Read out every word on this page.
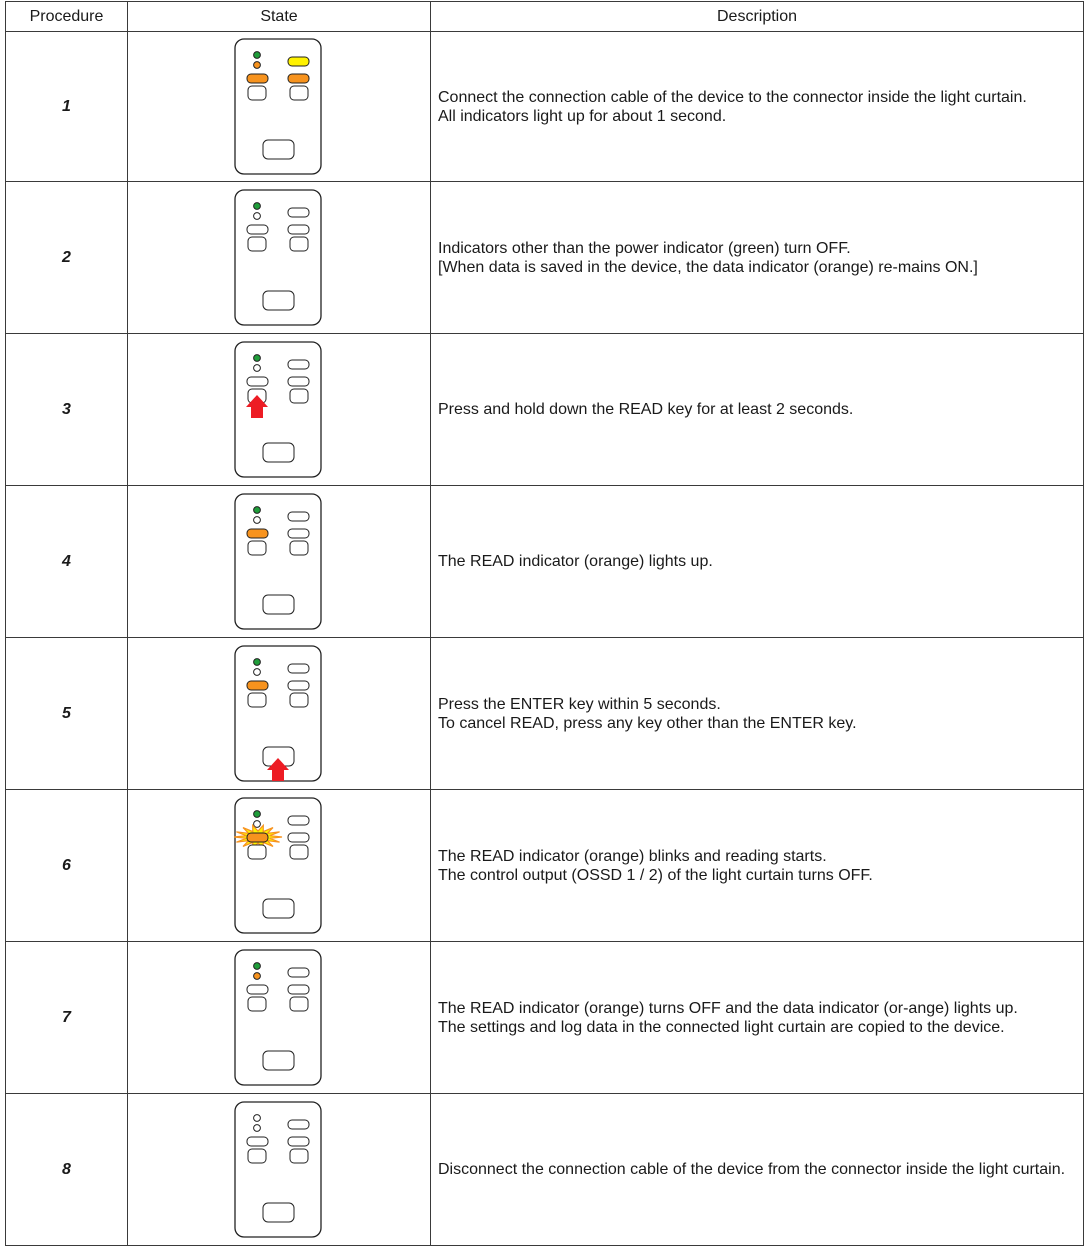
Procedure	State	Description
1		Connect the connection cable of the device to the connector inside the light curtain.
All indicators light up for about 1 second.

2		Indicators other than the power indicator (green) turn OFF.
[When data is saved in the device, the data indicator (orange) re-mains ON.]

3		Press and hold down the READ key for at least 2 seconds.

4		The READ indicator (orange) lights up.

5		Press the ENTER key within 5 seconds.
To cancel READ, press any key other than the ENTER key.

6		The READ indicator (orange) blinks and reading starts.
The control output (OSSD 1 / 2) of the light curtain turns OFF.

7		The READ indicator (orange) turns OFF and the data indicator (or-ange) lights up.
The settings and log data in the connected light curtain are copied to the device.

8		Disconnect the connection cable of the device from the connector inside the light curtain.
